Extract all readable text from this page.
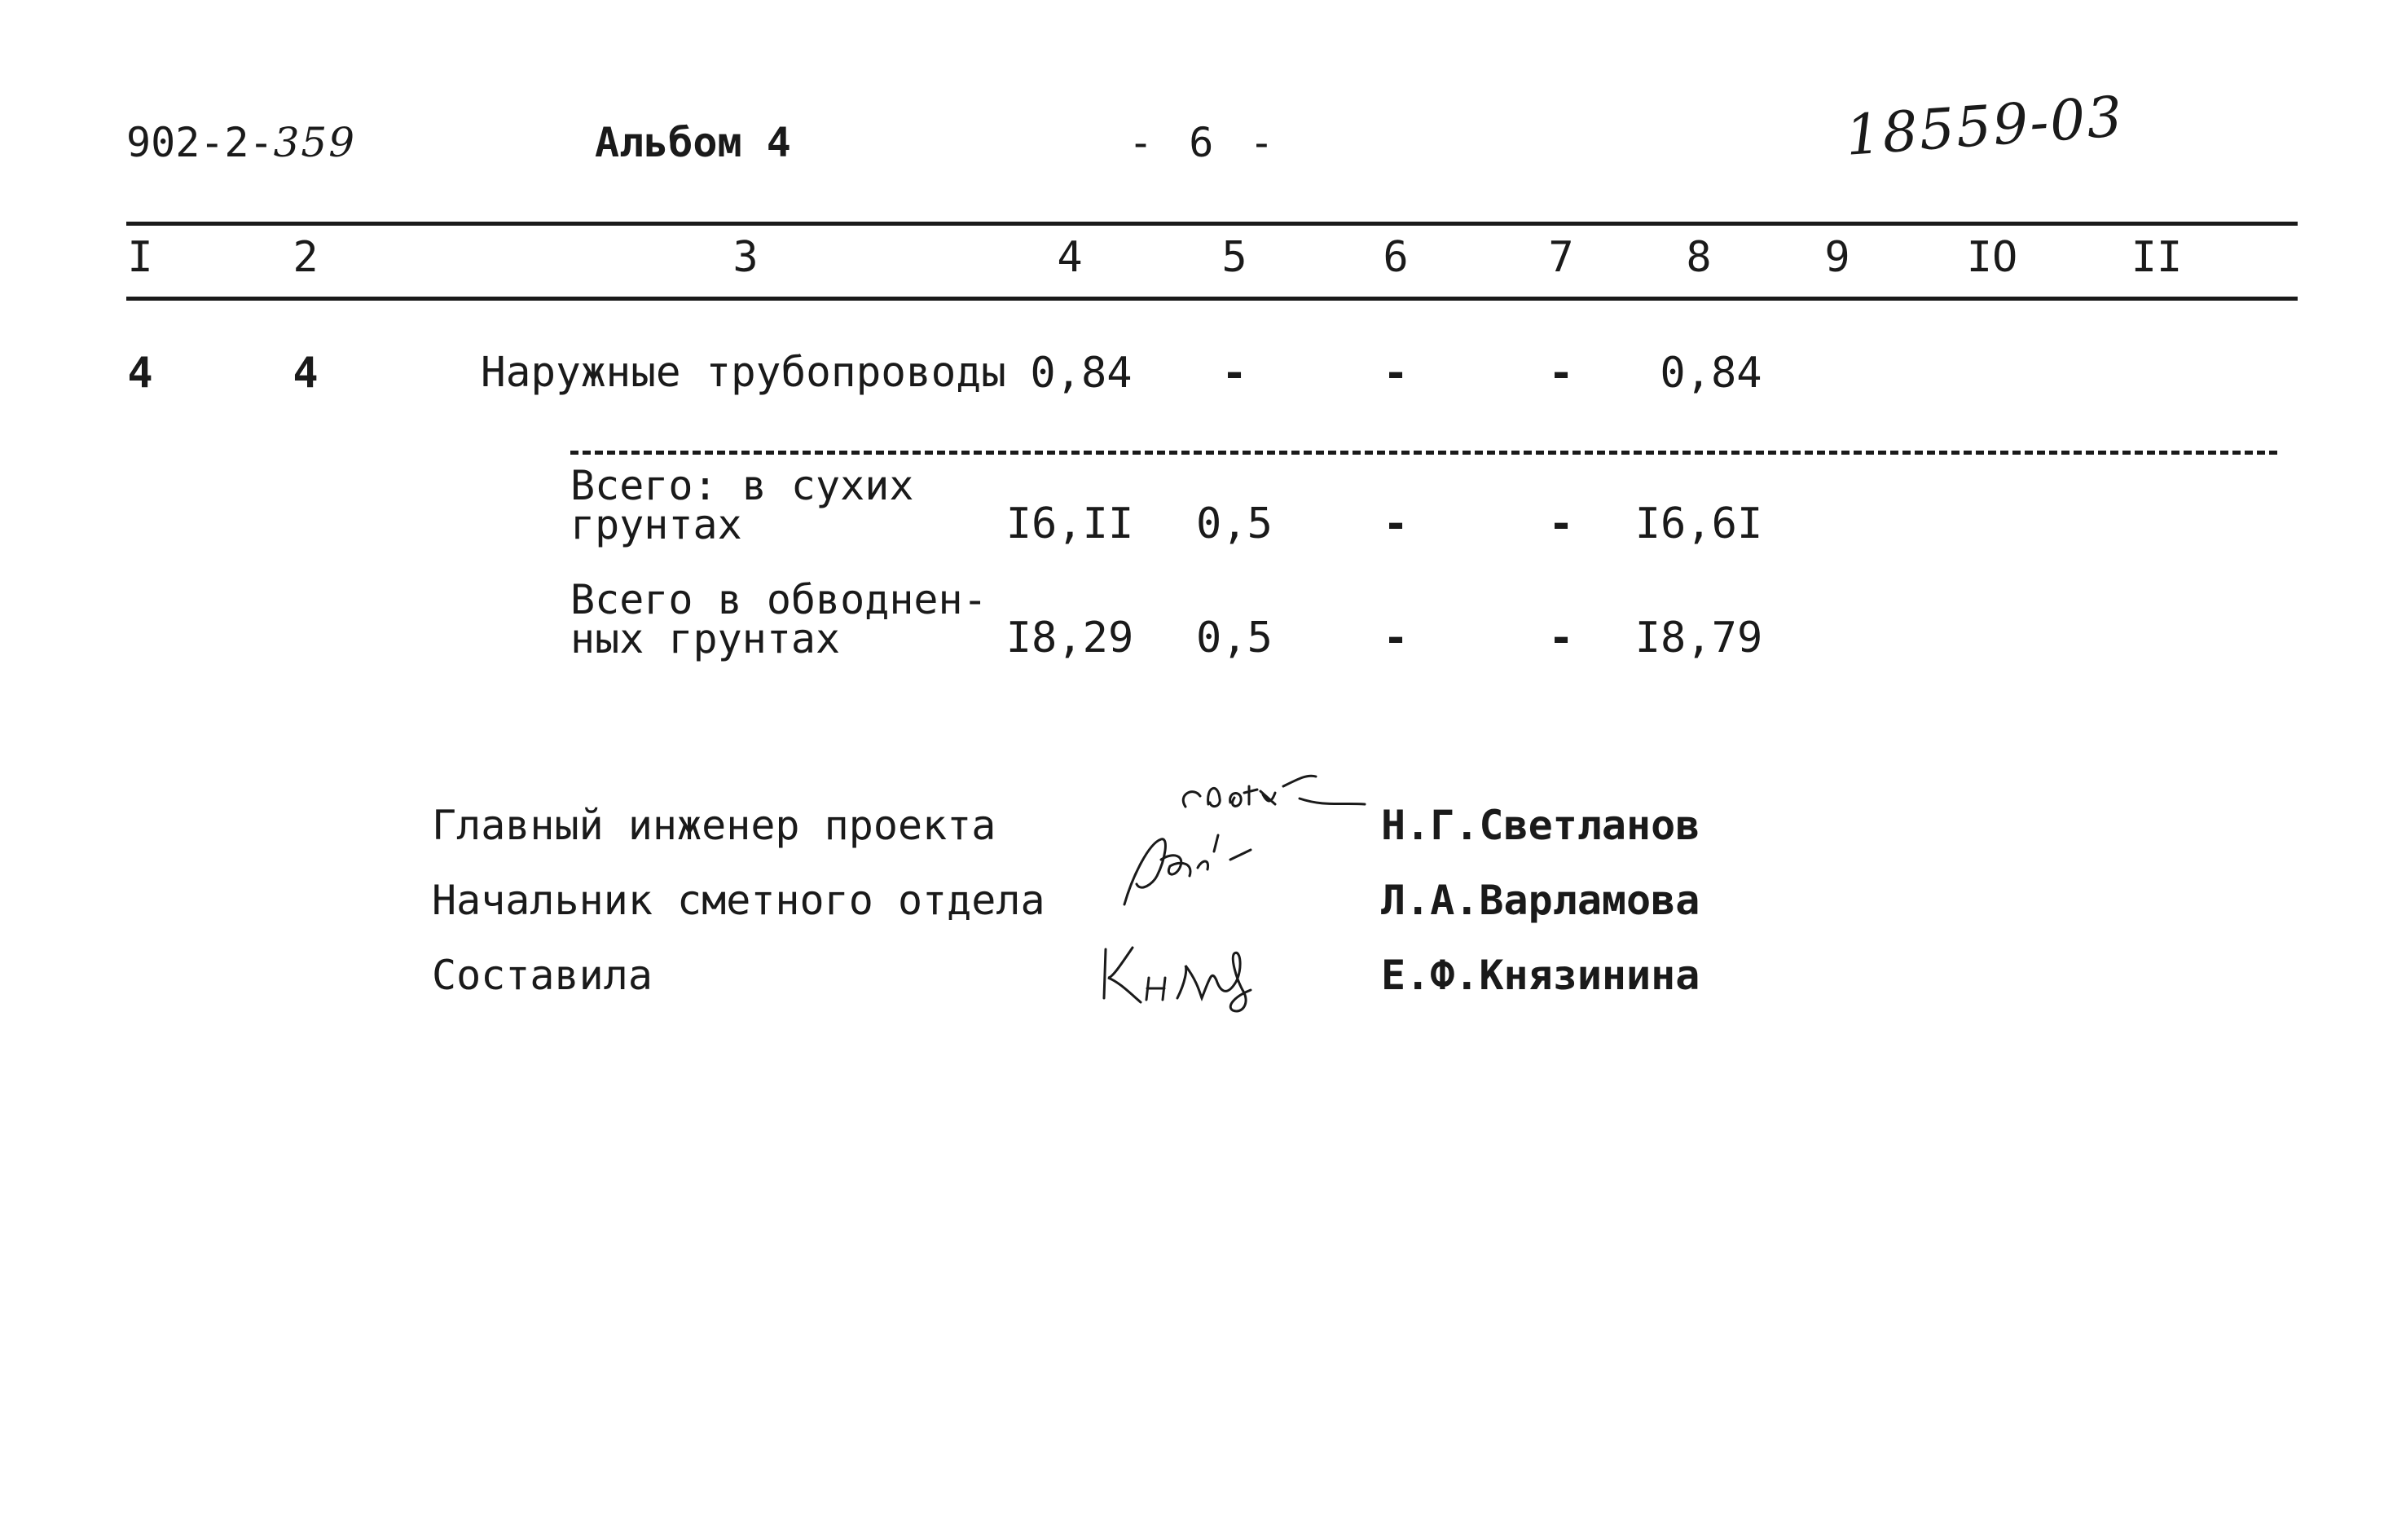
902-2-359	Альбом 4	- 6 -	18559-03
I	2	3	4	5	6	7	8	9	IO	II
4	4	Наружные трубопроводы 0,84 -	-	- 0,84
Всего: в сухих
грунтах	I6,II 0,5	-	- I6,6I
Всего в обводнен-
ных грунтах	I8,29 0,5	-	- I8,79
Главный инженер проекта
Начальник сметного отдела
Составила
Н.Г.Светланов
Л.А.Варламова
Е.Ф.Князинина
